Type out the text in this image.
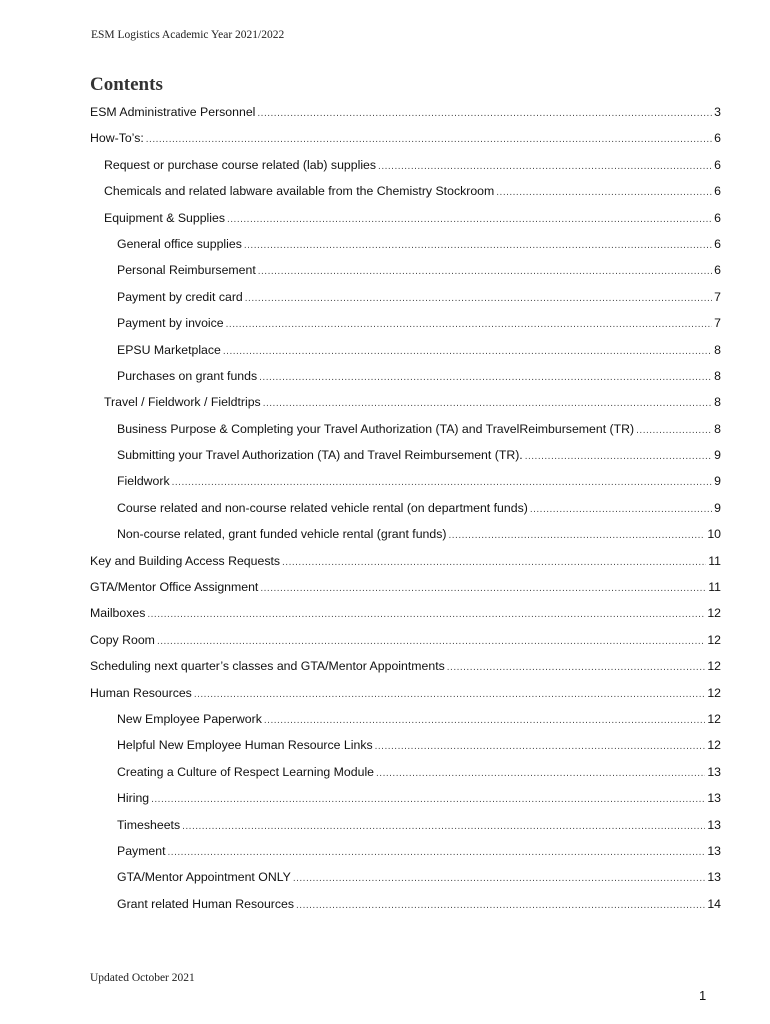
ESM Logistics Academic Year 2021/2022
Contents
ESM Administrative Personnel .....	3
How-To’s: .....	6
Request or purchase course related (lab) supplies .....	6
Chemicals and related labware available from the Chemistry Stockroom .....	6
Equipment & Supplies .....	6
General office supplies .....	6
Personal Reimbursement .....	6
Payment by credit card .....	7
Payment by invoice .....	7
EPSU Marketplace .....	8
Purchases on grant funds .....	8
Travel / Fieldwork / Fieldtrips .....	8
Business Purpose & Completing your Travel Authorization (TA) and TravelReimbursement (TR) .....	8
Submitting your Travel Authorization (TA) and Travel Reimbursement (TR). .....	9
Fieldwork .....	9
Course related and non-course related vehicle rental (on department funds) .....	9
Non-course related, grant funded vehicle rental (grant funds) .....	10
Key and Building Access Requests .....	11
GTA/Mentor Office Assignment .....	11
Mailboxes .....	12
Copy Room .....	12
Scheduling next quarter’s classes and GTA/Mentor Appointments .....	12
Human Resources .....	12
New Employee Paperwork .....	12
Helpful New Employee Human Resource Links .....	12
Creating a Culture of Respect Learning Module .....	13
Hiring .....	13
Timesheets .....	13
Payment .....	13
GTA/Mentor Appointment ONLY .....	13
Grant related Human Resources .....	14
Updated October 2021
1
